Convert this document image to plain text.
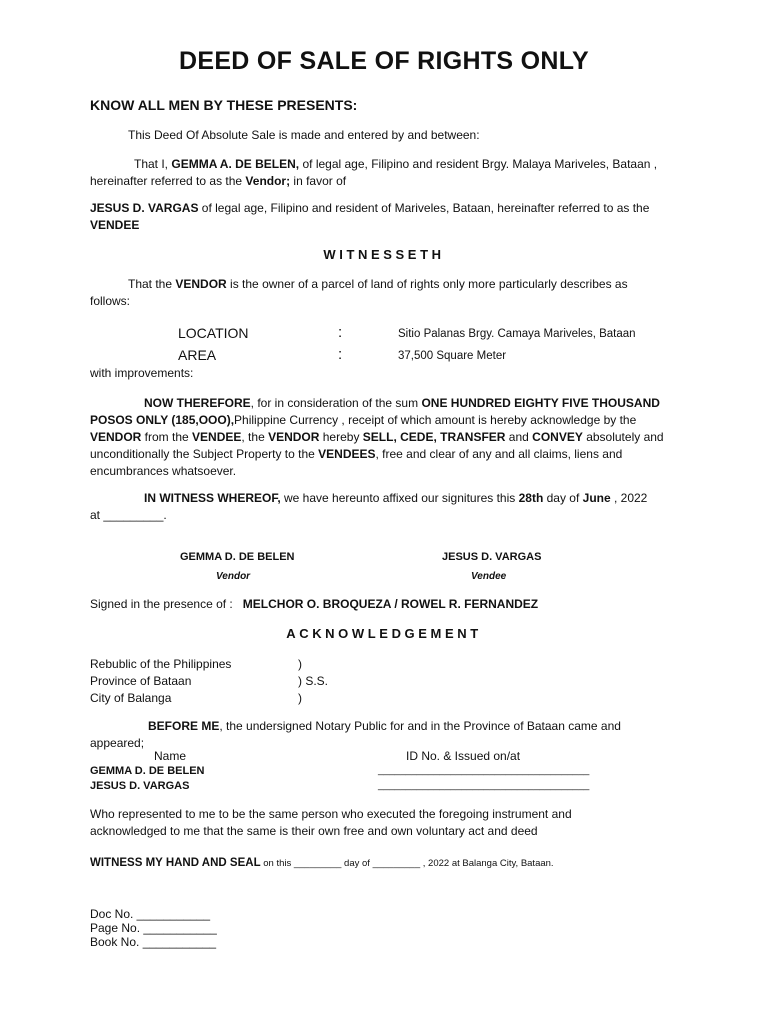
DEED OF SALE OF RIGHTS ONLY
KNOW ALL MEN BY THESE PRESENTS:
This Deed Of Absolute Sale is made and entered by and between:
That I, GEMMA A. DE BELEN, of legal age, Filipino and resident Brgy. Malaya Mariveles, Bataan ,
hereinafter referred to as the Vendor; in favor of
JESUS D. VARGAS of legal age, Filipino and resident of Mariveles, Bataan, hereinafter referred to as the
VENDEE
WITNESSETH
That the VENDOR is the owner of a parcel of land of rights only more particularly describes as
follows:
LOCATION	:	Sitio Palanas Brgy. Camaya Mariveles, Bataan
AREA	:	37,500 Square Meter
with improvements:
NOW THEREFORE, for in consideration of the sum ONE HUNDRED EIGHTY FIVE THOUSAND
POSOS ONLY (185,OOO),Philippine Currency , receipt of which amount is hereby acknowledge by the
VENDOR from the VENDEE, the VENDOR hereby SELL, CEDE, TRANSFER and CONVEY absolutely and
unconditionally the Subject Property to the VENDEES, free and clear of any and all claims, liens and
encumbrances whatsoever.
IN WITNESS WHEREOF, we have hereunto affixed our signitures this 28th day of June , 2022
at _________.
GEMMA D. DE BELEN
Vendor
JESUS D. VARGAS
Vendee
Signed in the presence of : MELCHOR O. BROQUEZA / ROWEL R. FERNANDEZ
ACKNOWLEDGEMENT
Rebublic of the Philippines	)
Province of Bataan	) S.S.
City of Balanga	)
BEFORE ME, the undersigned Notary Public for and in the Province of Bataan came and
appeared;
Name	ID No. & Issued on/at
GEMMA D. DE BELEN	______________________________________
JESUS D. VARGAS	______________________________________
Who represented to me to be the same person who executed the foregoing instrument and
acknowledged to me that the same is their own free and own voluntary act and deed
WITNESS MY HAND AND SEAL on this _________ day of _________ , 2022 at Balanga City, Bataan.
Doc No. ___________
Page No. ___________
Book No. ___________
